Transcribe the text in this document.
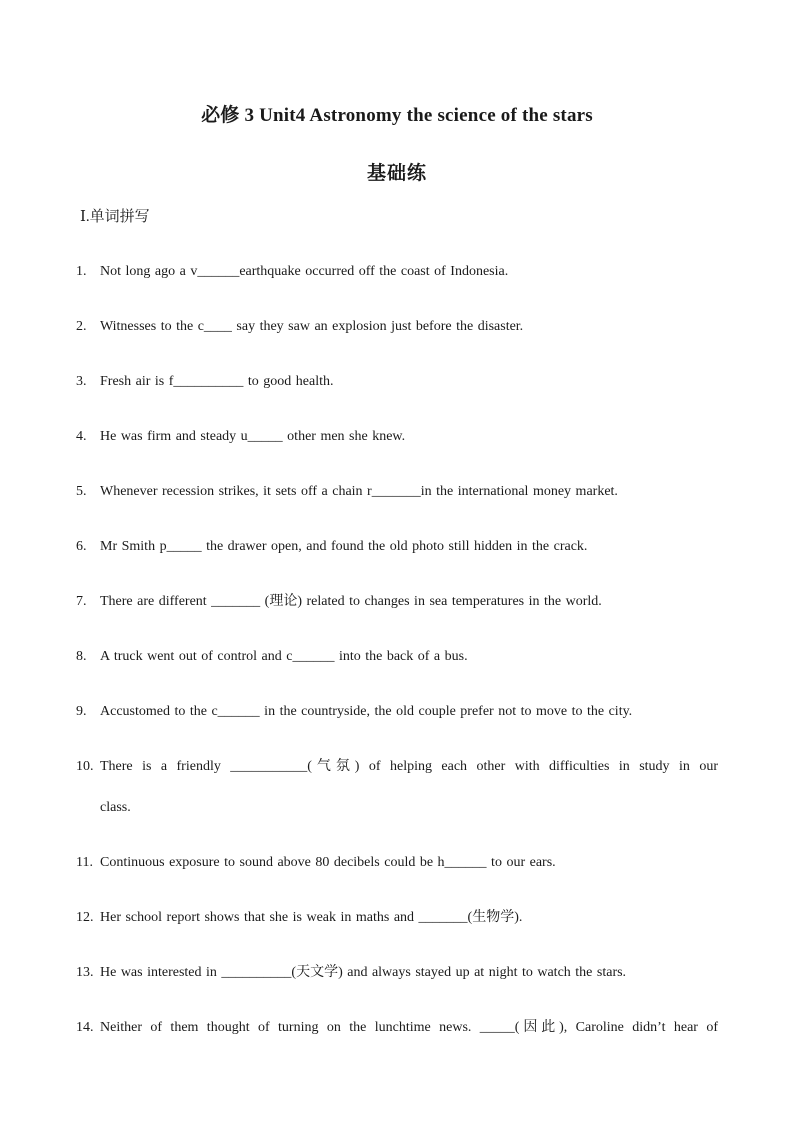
必修 3 Unit4 Astronomy the science of the stars
基础练
Ⅰ.单词拼写
1. Not long ago a v______earthquake occurred off the coast of Indonesia.
2. Witnesses to the c____ say they saw an explosion just before the disaster.
3. Fresh air is f__________ to good health.
4. He was firm and steady u_____ other men she knew.
5. Whenever recession strikes, it sets off a chain r_______in the international money market.
6. Mr Smith p_____ the drawer open, and found the old photo still hidden in the crack.
7. There are different _______ (理论) related to changes in sea temperatures in the world.
8. A truck went out of control and c______ into the back of a bus.
9. Accustomed to the c______ in the countryside, the old couple prefer not to move to the city.
10. There is a friendly ___________(气氛) of helping each other with difficulties in study in our
class.
11. Continuous exposure to sound above 80 decibels could be h______ to our ears.
12. Her school report shows that she is weak in maths and _______(生物学).
13. He was interested in __________(天文学) and always stayed up at night to watch the stars.
14. Neither of them thought of turning on the lunchtime news. _____(因此), Caroline didn’t hear of
